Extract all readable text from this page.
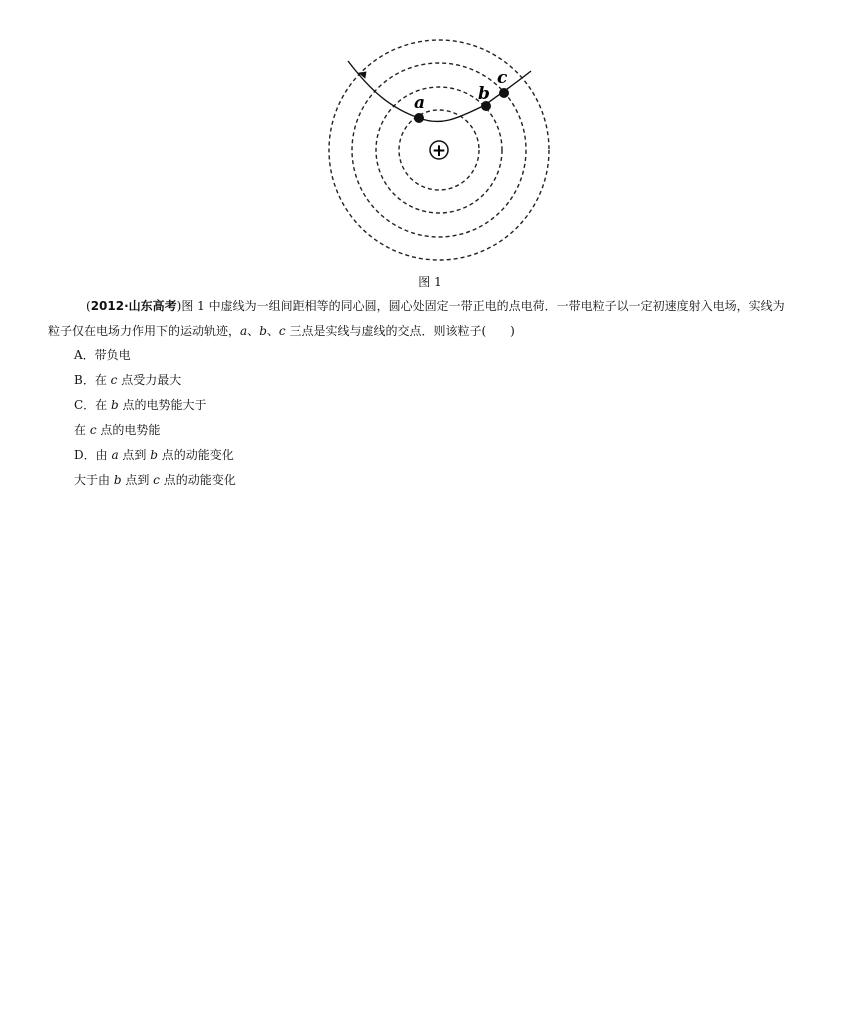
a	b
c
+
图 1
(2012·山东高考)图 1 中虚线为一组间距相等的同心圆，圆心处固定一带正电的点电荷．一带电粒子以一定初速度射入电场，实线为
粒子仅在电场力作用下的运动轨迹，a、b、c 三点是实线与虚线的交点．则该粒子(　　)
A．带负电
B．在 c 点受力最大
C．在 b 点的电势能大于
在 c 点的电势能
D．由 a 点到 b 点的动能变化
大于由 b 点到 c 点的动能变化
